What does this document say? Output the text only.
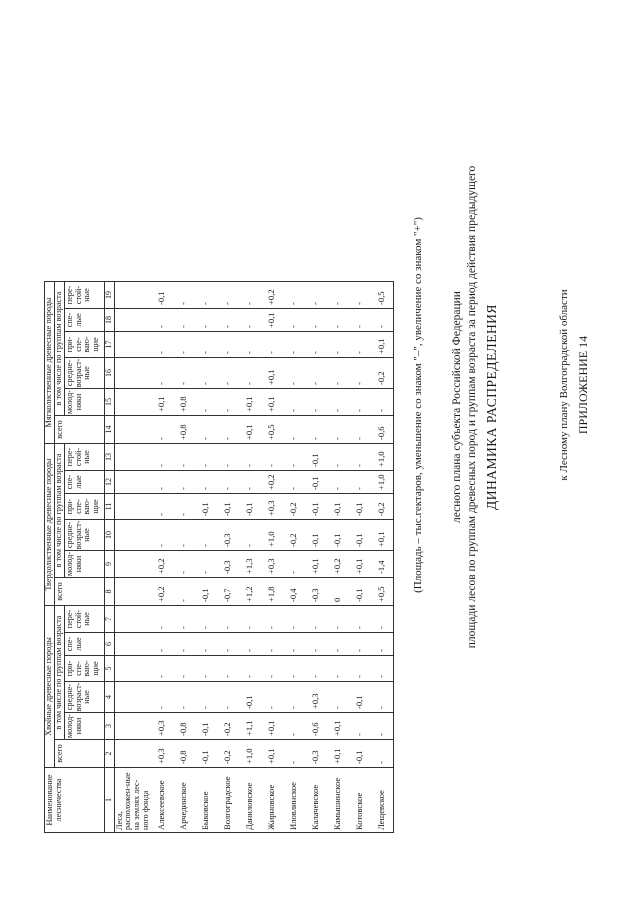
ПРИЛОЖЕНИЕ 14
к Лесному плану Волгоградской области
ДИНАМИКА РАСПРЕДЕЛЕНИЯ
площади лесов по группам древесных пород и группам возраста за период действия предыдущего
лесного плана субъекта Российской Федерации
(Площадь – тыс.гектаров, уменьшение со знаком "–", увеличение со знаком "+")
Наименование лесничества	Хвойные древесные породы						Твердолиственные древесные породы						Мягколиственные древесные породы					
	всего	в том числе по группам возраста					всего	в том числе по группам возраста					всего	в том числе по группам возраста				
		молод-няки	средне-возраст-ные	при-спе-ваю-щие	спе-лые	пере-стой-ные		молод-няки	средне-возраст-ные	при-спе-ваю-щие	спе-лые	пере-стой-ные		молод-няки	средне-возраст-ные	при-спе-ваю-щие	спе-лые	пере-стой-ные
1	2	3	4	5	6	7	8	9	10	11	12	13	14	15	16	17	18	19
Леса, расположен-ные на землях лес-ного фонда																		
Алексеевское	+0,3	+0,3	-	-	-	-	+0,2	+0,2	-	-	-	-	-	+0,1	-	-	-	-0,1
Арчединское	-0,8	-0,8	-	-	-	-	-	-	-	-	-	-	+0,8	+0,8	-	-	-	-
Быковское	-0,1	-0,1	-	-	-	-	-0,1	-	-	-0,1	-	-	-	-	-	-	-	-
Волгоградское	-0,2	-0,2	-	-	-	-	-0,7	-0,3	-0,3	-0,1	-	-	-	-	-	-	-	-
Даниловское	+1,0	+1,1	-0,1	-	-	-	+1,2	+1,3	-	-0,1	-	-	+0,1	+0,1	-	-	-	-
Жирновское	+0,1	+0,1	-	-	-	-	+1,8	+0,3	+1,0	+0,3	+0,2	-	+0,5	+0,1	+0,1	-	+0,1	+0,2
Иловлинское	-	-	-	-	-	-	-0,4	-	-0,2	-0,2	-	-	-	-	-	-	-	-
Калачевское	-0,3	-0,6	+0,3	-	-	-	-0,3	+0,1	-0,1	-0,1	-0,1	-0,1	-	-	-	-	-	-
Камышинское	+0,1	+0,1	-	-	-	-	0	+0,2	-0,1	-0,1	-	-	-	-	-	-	-	-
Котовское	-0,1	-	-0,1	-	-	-	-0,1	+0,1	-0,1	-0,1	-	-	-	-	-	-	-	-
Лещевское	-	-	-	-	-	-	+0,5	-1,4	+0,1	-0,2	+1,0	+1,0	-0,6	-	-0,2	+0,1	-	-0,5
